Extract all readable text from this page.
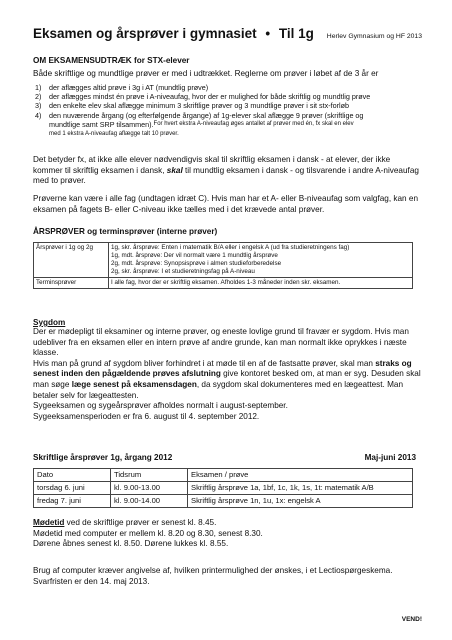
Eksamen og årsprøver i gymnasiet • Til 1g Herlev Gymnasium og HF 2013
OM EKSAMENSUDTRÆK for STX-elever
Både skriftlige og mundtlige prøver er med i udtrækket. Reglerne om prøver i løbet af de 3 år er
1)	der aflægges altid prøve i 3g i AT (mundtlig prøve)
2)	der aflægges mindst én prøve i A-niveaufag, hvor der er mulighed for både skriftlig og mundtlig prøve
3)	den enkelte elev skal aflægge minimum 3 skriftlige prøver og 3 mundtlige prøver i sit stx-forløb
4)	den nuværende årgang (og efterfølgende årgange) af 1g-elever skal aflægge 9 prøver (skriftlige og
mundtlige samt SRP tilsammen). For hvert ekstra A-niveaufag øges antallet af prøver med én, fx skal en elev
med 1 ekstra A-niveaufag aflægge talt 10 prøver.
Det betyder fx, at ikke alle elever nødvendigvis skal til skriftlig eksamen i dansk - at elever, der ikke kommer til skriftlig eksamen i dansk, skal til mundtlig eksamen i dansk - og tilsvarende i andre A-niveaufag med to prøver.
Prøverne kan være i alle fag (undtagen idræt C). Hvis man har et A- eller B-niveaufag som valgfag, kan en eksamen på fagets B- eller C-niveau ikke tælles med i det krævede antal prøver.
ÅRSPRØVER og terminsprøver (interne prøver)
Årsprøver i 1g og 2g	1g, skr. årsprøve: Enten i matematik B/A eller i engelsk A (ud fra studieretningens fag)
1g, mdt. årsprøve: Der vil normalt være 1 mundtlig årsprøve
2g, mdt. årsprøve: Synopsisprøve i almen studieforberedelse
2g, skr. årsprøve: I et studieretningsfag på A-niveau

Terminsprøver	I alle fag, hvor der er skriftlig eksamen. Afholdes 1-3 måneder inden skr. eksamen.
Sygdom
Der er mødepligt til eksaminer og interne prøver, og eneste lovlige grund til fravær er sygdom. Hvis man udebliver fra en eksamen eller en intern prøve af andre grunde, kan man normalt ikke oprykkes i næste klasse.
Hvis man på grund af sygdom bliver forhindret i at møde til en af de fastsatte prøver, skal man straks og senest inden den pågældende prøves afslutning give kontoret besked om, at man er syg. Desuden skal man søge læge senest på eksamensdagen, da sygdom skal dokumenteres med en lægeattest. Man betaler selv for lægeattesten.
Sygeeksamen og sygeårsprøver afholdes normalt i august-september.
Sygeeksamensperioden er fra 6. august til 4. september 2012.
Skriftlige årsprøver 1g, årgang 2012	Maj-juni 2013
Dato	Tidsrum	Eksamen / prøve
torsdag 6. juni	kl. 9.00-13.00	Skriftlig årsprøve 1a, 1bf, 1c, 1k, 1s, 1t: matematik A/B
fredag 7. juni	kl. 9.00-14.00	Skriftlig årsprøve 1n, 1u, 1x: engelsk A
Mødetid ved de skriftlige prøver er senest kl. 8.45.
Mødetid med computer er mellem kl. 8.20 og 8.30, senest 8.30.
Dørene åbnes senest kl. 8.50. Dørene lukkes kl. 8.55.
Brug af computer kræver angivelse af, hvilken printermulighed der ønskes, i et Lectiospørgeskema. Svarfristen er den 14. maj 2013.
VEND!
